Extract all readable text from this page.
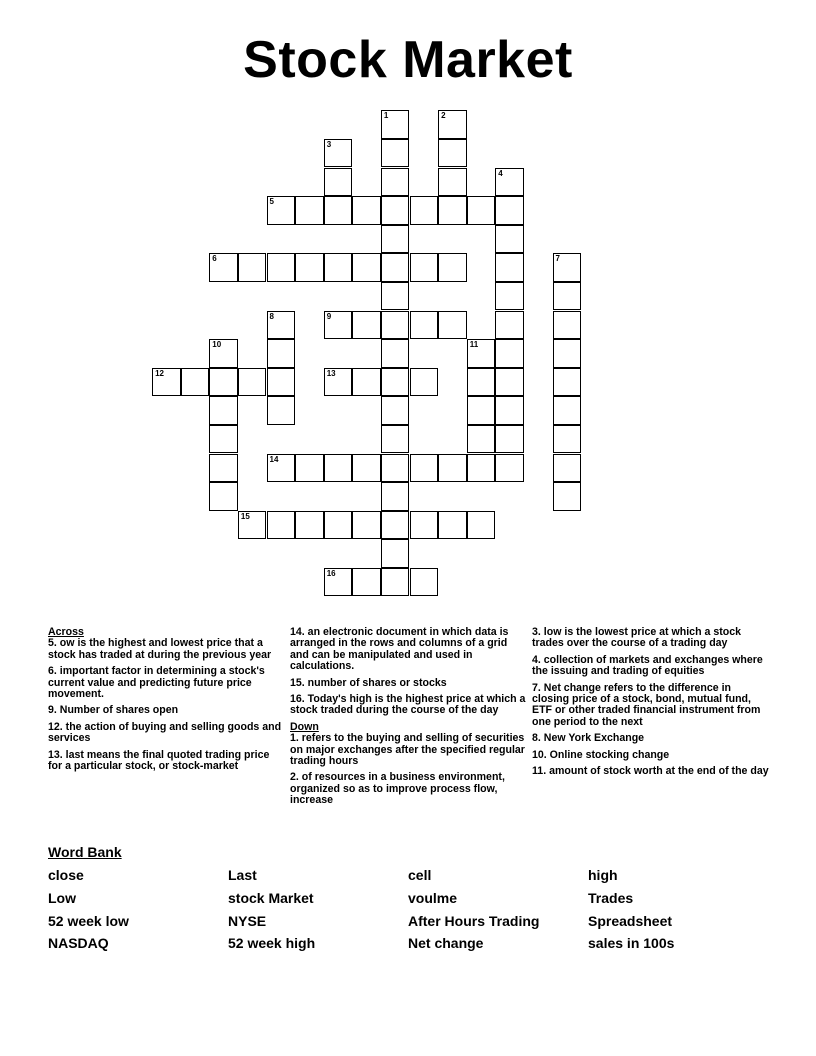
Stock Market
1	2
3
4
5
6	7
8	9
10	11
12	13
14
15
16
Across
5. ow is the highest and lowest price that a stock has traded at during the previous year
6. important factor in determining a stock's current value and predicting future price movement.
9. Number of shares open
12. the action of buying and selling goods and services
13. last means the final quoted trading price for a particular stock, or stock-market
14. an electronic document in which data is arranged in the rows and columns of a grid and can be manipulated and used in calculations.
15. number of shares or stocks
16. Today's high is the highest price at which a stock traded during the course of the day
Down
1. refers to the buying and selling of securities on major exchanges after the specified regular trading hours
2. of resources in a business environment, organized so as to improve process flow, increase
3. low is the lowest price at which a stock trades over the course of a trading day
4. collection of markets and exchanges where the issuing and trading of equities
7. Net change refers to the difference in closing price of a stock, bond, mutual fund, ETF or other traded financial instrument from one period to the next
8. New York Exchange
10. Online stocking change
11. amount of stock worth at the end of the day
Word Bank
close	Last	cell	high
Low	stock Market	voulme	Trades
52 week low	NYSE	After Hours Trading	Spreadsheet
NASDAQ	52 week high	Net change	sales in 100s
